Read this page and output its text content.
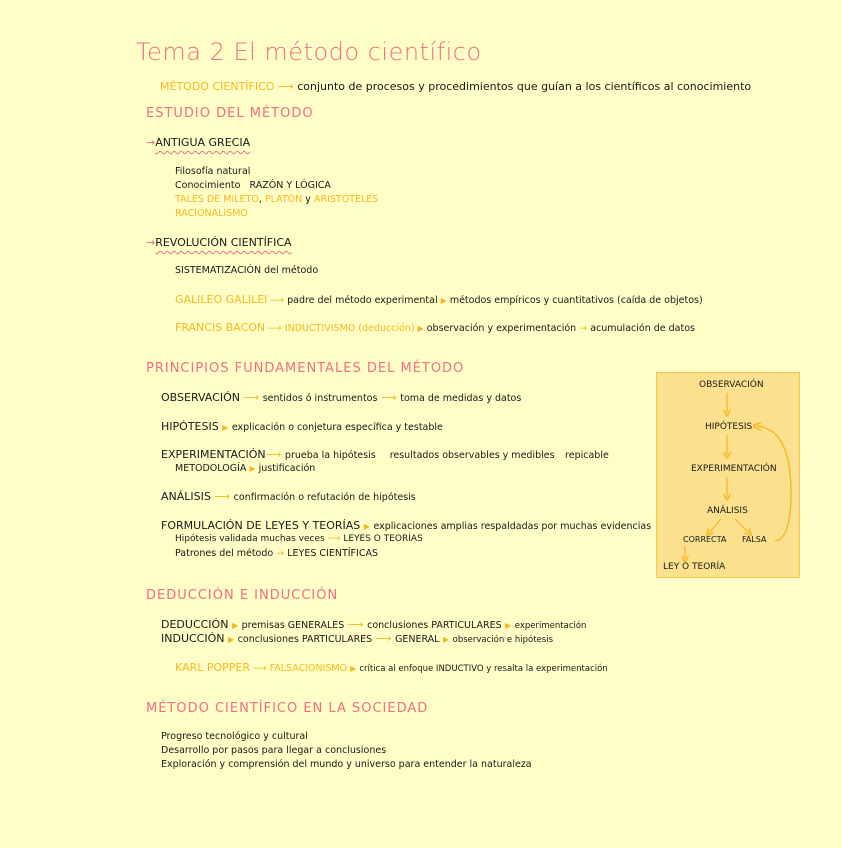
Tema 2 El método científico
MÉTODO CIENTÍFICO ⟶ conjunto de procesos y procedimientos que guían a los científicos al conocimiento
ESTUDIO DEL MÉTODO
→ANTIGUA GRECIA
Filosofía natural
Conocimiento RAZÓN Y LÓGICA
TALES DE MILETO, PLATÓN y ARISTÓTELES
RACIONALISMO
→REVOLUCIÓN CIENTÍFICA
SISTEMATIZACIÓN del método
GALILEO GALILEI ⟶ padre del método experimental ▶ métodos empíricos y cuantitativos (caída de objetos)
FRANCIS BACON ⟶ INDUCTIVISMO (deducción) ▶ observación y experimentación → acumulación de datos
PRINCIPIOS FUNDAMENTALES DEL MÉTODO
OBSERVACIÓN ⟶ sentidos ó instrumentos ⟶ toma de medidas y datos
HIPÓTESIS ▶ explicación o conjetura específica y testable
EXPERIMENTACIÓN⟶ prueba la hipótesis resultados observables y medibles repicable
METODOLOGÍA ▶ justificación
ANÁLISIS ⟶ confirmación o refutación de hipótesis
FORMULACIÓN DE LEYES Y TEORÍAS ▶ explicaciones amplias respaldadas por muchas evidencias
Hipótesis validada muchas veces ⟶ LEYES O TEORÍAS
Patrones del método → LEYES CIENTÍFICAS
OBSERVACIÓN
HIPÓTESIS
EXPERIMENTACIÓN
ANÁLISIS
CORRECTA FALSA
LEY O TEORÍA
DEDUCCIÓN E INDUCCIÓN
DEDUCCIÓN ▶ premisas GENERALES ⟶ conclusiones PARTICULARES ▶ experimentación
INDUCCIÓN ▶ conclusiones PARTICULARES ⟶ GENERAL ▶ observación e hipótesis
KARL POPPER ⟶ FALSACIONISMO ▶ crítica al enfoque INDUCTIVO y resalta la experimentación
MÉTODO CIENTÍFICO EN LA SOCIEDAD
Progreso tecnológico y cultural
Desarrollo por pasos para llegar a conclusiones
Exploración y comprensión del mundo y universo para entender la naturaleza
